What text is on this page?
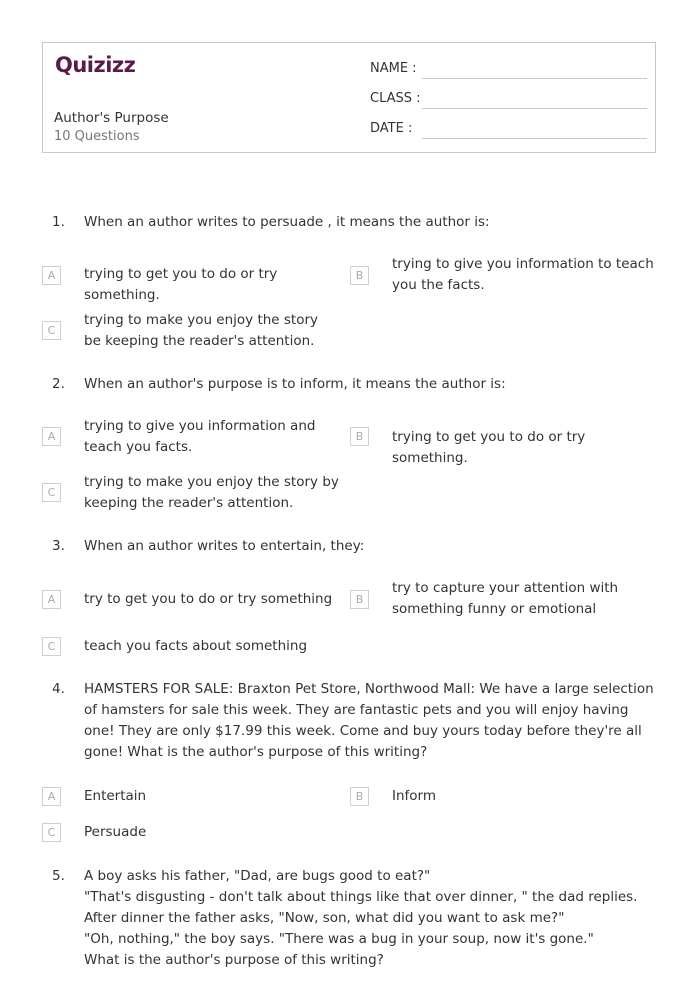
Quizizz
Author's Purpose
10 Questions
NAME :
CLASS :
DATE :
1.	When an author writes to persuade , it means the author is:
A	trying to get you to do or try something.
B
trying to give you information to teach you the facts.
C
trying to make you enjoy the story be keeping the reader's attention.
2.	When an author's purpose is to inform, it means the author is:
A
trying to give you information and teach you facts.
B	trying to get you to do or try something.
C
trying to make you enjoy the story by keeping the reader's attention.
3.	When an author writes to entertain, they:
A	try to get you to do or try something	B
try to capture your attention with something funny or emotional
C	teach you facts about something
4.	HAMSTERS FOR SALE: Braxton Pet Store, Northwood Mall: We have a large selection of hamsters for sale this week. They are fantastic pets and you will enjoy having one! They are only $17.99 this week. Come and buy yours today before they're all gone! What is the author's purpose of this writing?
A	Entertain	B	Inform
C	Persuade
5.	A boy asks his father, "Dad, are bugs good to eat?"
"That's disgusting - don't talk about things like that over dinner, " the dad replies.
After dinner the father asks, "Now, son, what did you want to ask me?"
"Oh, nothing," the boy says. "There was a bug in your soup, now it's gone."
What is the author's purpose of this writing?
